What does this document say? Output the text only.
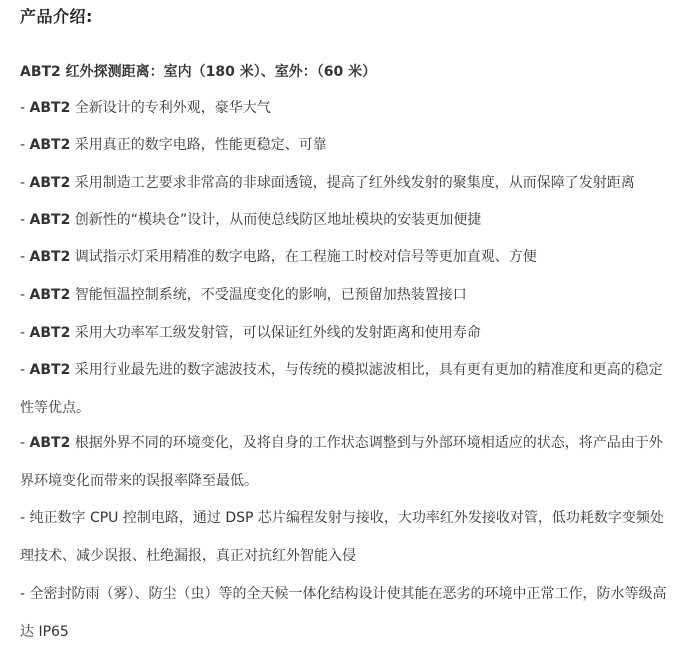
产品介绍:
ABT2 红外探测距离：室内（180 米）、室外：（60 米）
- ABT2 全新设计的专利外观，豪华大气
- ABT2 采用真正的数字电路，性能更稳定、可靠
- ABT2 采用制造工艺要求非常高的非球面透镜，提高了红外线发射的聚集度，从而保障了发射距离
- ABT2 创新性的“模块仓”设计，从而使总线防区地址模块的安装更加便捷
- ABT2 调试指示灯采用精准的数字电路，在工程施工时校对信号等更加直观、方便
- ABT2 智能恒温控制系统，不受温度变化的影响，已预留加热装置接口
- ABT2 采用大功率军工级发射管，可以保证红外线的发射距离和使用寿命
- ABT2 采用行业最先进的数字滤波技术，与传统的模拟滤波相比，具有更有更加的精准度和更高的稳定性等优点。
- ABT2 根据外界不同的环境变化，及将自身的工作状态调整到与外部环境相适应的状态，将产品由于外界环境变化而带来的误报率降至最低。
- 纯正数字 CPU 控制电路，通过 DSP 芯片编程发射与接收，大功率红外发接收对管，低功耗数字变频处理技术、减少误报、杜绝漏报，真正对抗红外智能入侵
- 全密封防雨（雾）、防尘（虫）等的全天候一体化结构设计使其能在恶劣的环境中正常工作，防水等级高达 IP65
